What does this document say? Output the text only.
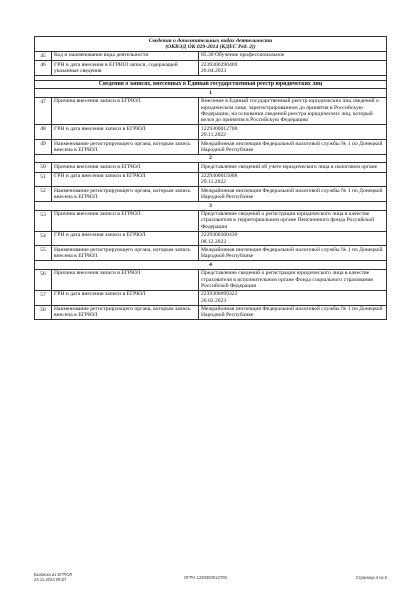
Сведения о дополнительных видах деятельности
(ОКВЭД ОК 029-2014 (КДЕС Ред. 2))		

45	Код и наименование вида деятельности	85.30 Обучение профессиональное
46	ГРН и дата внесения в ЕГРЮЛ записи, содержащей указанные сведения	2239300290469
26.04.2023

Сведения о записях, внесенных в Единый государственный реестр юридических лиц		
1		
47	Причина внесения записи в ЕГРЮЛ	Внесение в Единый государственный реестр юридических лиц сведений о юридическом лице, зарегистрированном до принятия в Российскую Федерацию, на основании сведений реестра юридических лиц, который велся до принятия в Российскую Федерацию
48	ГРН и дата внесения записи в ЕГРЮЛ	1229300012700
29.11.2022
49	Наименование регистрирующего органа, которым запись внесена в ЕГРЮЛ	Межрайонная инспекция Федеральной налоговой службы № 1 по Донецкой Народной Республике
2		
50	Причина внесения записи в ЕГРЮЛ	Представление сведений об учете юридического лица в налоговом органе
51	ГРН и дата внесения записи в ЕГРЮЛ	2229300015008
29.11.2022
52	Наименование регистрирующего органа, которым запись внесена в ЕГРЮЛ	Межрайонная инспекция Федеральной налоговой службы № 1 по Донецкой Народной Республике
3		
53	Причина внесения записи в ЕГРЮЛ	Представление сведений о регистрации юридического лица в качестве страхователя в территориальном органе Пенсионного фонда Российской Федерации
54	ГРН и дата внесения записи в ЕГРЮЛ	2229300300436
08.12.2022
55	Наименование регистрирующего органа, которым запись внесена в ЕГРЮЛ	Межрайонная инспекция Федеральной налоговой службы № 1 по Донецкой Народной Республике
4		
56	Причина внесения записи в ЕГРЮЛ	Представление сведений о регистрации юридического лица в качестве страхователя в исполнительном органе Фонда социального страхования Российской Федерации
57	ГРН и дата внесения записи в ЕГРЮЛ	2239300099322
20.02.2023
58	Наименование регистрирующего органа, которым запись внесена в ЕГРЮЛ	Межрайонная инспекция Федеральной налоговой службы № 1 по Донецкой Народной Республике
Выписка из ЕГРЮЛ
24.11.2023 09:57	ОГРН 1229300012700	Страница 4 из 6
